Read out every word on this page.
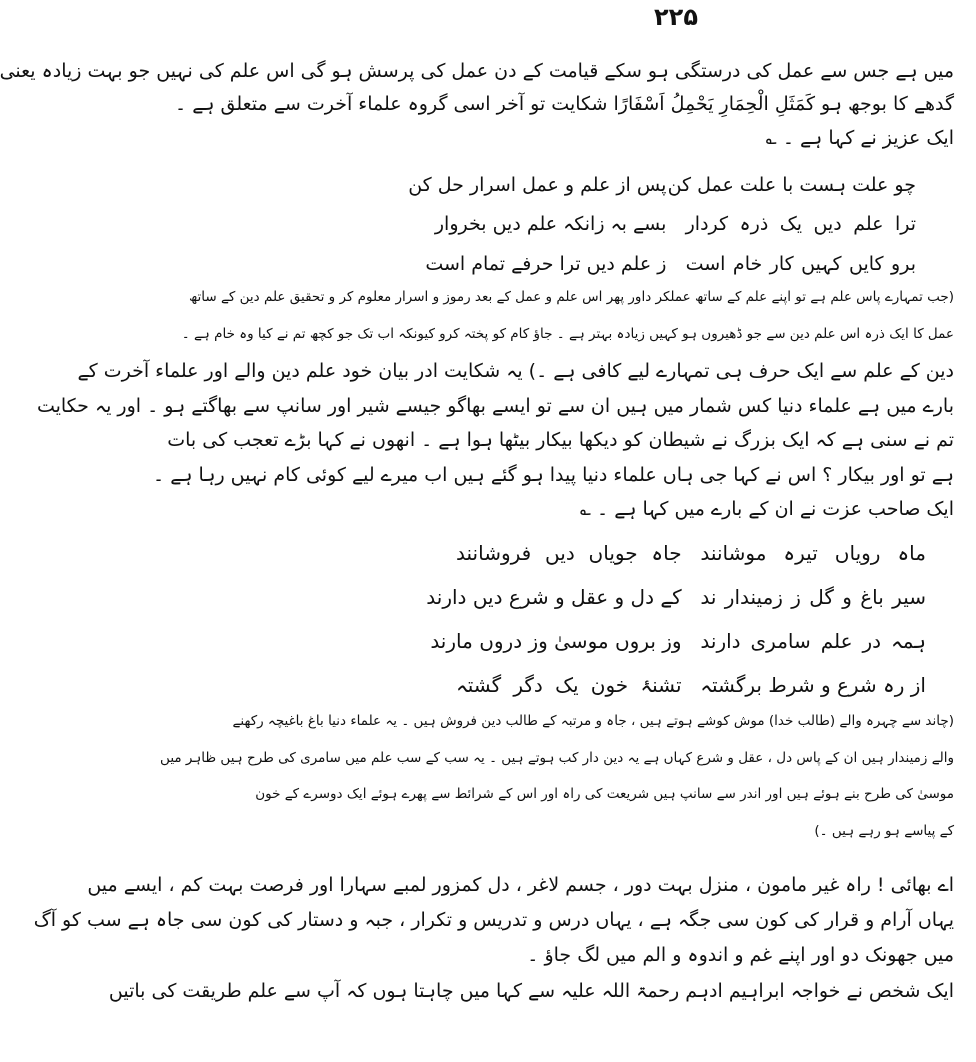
۲۲۵
میں ہے جس سے عمل کی درستگی ہو سکے قیامت کے دن عمل کی پرسش ہو گی اس علم کی نہیں جو بہت زیادہ یعنی
گدھے کا بوجھ ہو کَمَثَلِ الْحِمَارِ یَحْمِلُ اَسْفَارًا شکایت تو آخر اسی گروہ علماء آخرت سے متعلق ہے ۔
ایک عزیز نے کہا ہے ۔ ؎
چو علت ہست با علت عمل کن
پس از علم و عمل اسرار حل کن
ترا علم دیں یک ذرہ کردار
بسے بہ زانکہ علم دیں بخروار
برو کایں کہیں کار خام است
ز علم دیں ترا حرفے تمام است
(جب تمہارے پاس علم ہے تو اپنے علم کے ساتھ عملکر داور پھر اس علم و عمل کے بعد رموز و اسرار معلوم کر و تحقیق علم دین کے ساتھ
عمل کا ایک ذرہ اس علم دین سے جو ڈھیروں ہو کہیں زیادہ بہتر ہے ۔ جاؤ کام کو پختہ کرو کیونکہ اب تک جو کچھ تم نے کیا وہ خام ہے ۔
دین کے علم سے ایک حرف ہی تمہارے لیے کافی ہے ۔) یہ شکایت ادر بیان خود علم دین والے اور علماء آخرت کے
بارے میں ہے علماء دنیا کس شمار میں ہیں ان سے تو ایسے بھاگو جیسے شیر اور سانپ سے بھاگتے ہو ۔ اور یہ حکایت
تم نے سنی ہے کہ ایک بزرگ نے شیطان کو دیکھا بیکار بیٹھا ہوا ہے ۔ انھوں نے کہا بڑے تعجب کی بات
ہے تو اور بیکار ؟ اس نے کہا جی ہاں علماء دنیا پیدا ہو گئے ہیں اب میرے لیے کوئی کام نہیں رہا ہے ۔
ایک صاحب عزت نے ان کے بارے میں کہا ہے ۔ ؎
ماہ رویاں تیرہ موشانند
جاہ جویاں دیں فروشانند
سیر باغ و گل ز زمیندار ند
کے دل و عقل و شرع دیں دارند
ہمہ در علم سامری دارند
وز بروں موسیٰ وز دروں مارند
از رہ شرع و شرط برگشتہ
تشنۂ خون یک دگر گشتہ
(چاند سے چہرہ والے (طالب خدا) موش کوشے ہوتے ہیں ، جاہ و مرتبہ کے طالب دین فروش ہیں ۔ یہ علماء دنیا باغ باغیچہ رکھنے
والے زمیندار ہیں ان کے پاس دل ، عقل و شرع کہاں ہے یہ دین دار کب ہوتے ہیں ۔ یہ سب کے سب علم میں سامری کی طرح ہیں ظاہر میں
موسیٰ کی طرح بنے ہوئے ہیں اور اندر سے سانپ ہیں شریعت کی راہ اور اس کے شرائط سے پھرے ہوئے ایک دوسرے کے خون
کے پیاسے ہو رہے ہیں ۔)
اے بھائی ! راہ غیر مامون ، منزل بہت دور ، جسم لاغر ، دل کمزور لمبے سہارا اور فرصت بہت کم ، ایسے میں
یہاں آرام و قرار کی کون سی جگہ ہے ، یہاں درس و تدریس و تکرار ، جبہ و دستار کی کون سی جاہ ہے سب کو آگ
میں جھونک دو اور اپنے غم و اندوہ و الم میں لگ جاؤ ۔
ایک شخص نے خواجہ ابراہیم ادہم رحمۃ اللہ علیہ سے کہا میں چاہتا ہوں کہ آپ سے علم طریقت کی باتیں
